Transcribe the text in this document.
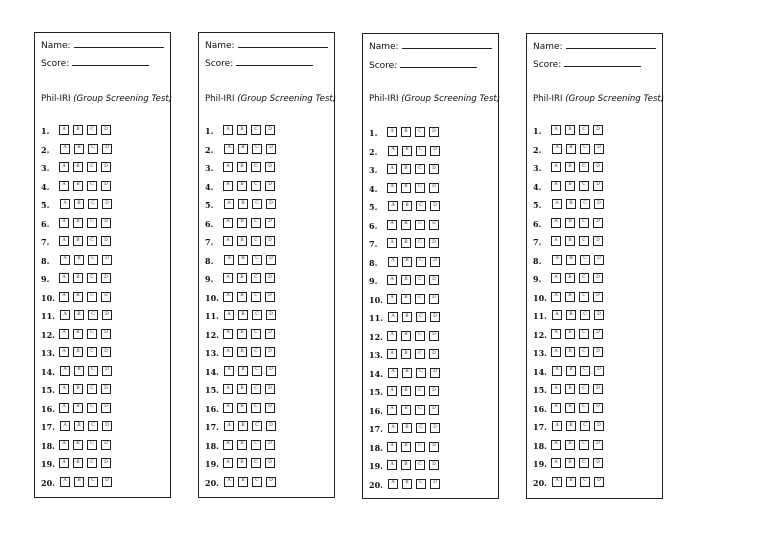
Name:
Score:
Phil-IRI (Group Screening Test)
1.	A	B	C	D
2.	A	B	C	D
3.	A	B	C	D
4.	A	B	C	D
5.	A	B	C	D
6.	A	B	C	D
7.	A	B	C	D
8.	A	B	C	D
9.	A	B	C	D
10.	A	B	C	D
11.	A	B	C	D
12.	A	B	C	D
13.	A	B	C	D
14.	A	B	C	D
15.	A	B	C	D
16.	A	B	C	D
17.	A	B	C	D
18.	A	B	C	D
19.	A	B	C	D
20.	A	B	C	D
Name:
Score:
Phil-IRI (Group Screening Test)
1.	A	B	C	D
2.	A	B	C	D
3.	A	B	C	D
4.	A	B	C	D
5.	A	B	C	D
6.	A	B	C	D
7.	A	B	C	D
8.	A	B	C	D
9.	A	B	C	D
10.	A	B	C	D
11.	A	B	C	D
12.	A	B	C	D
13.	A	B	C	D
14.	A	B	C	D
15.	A	B	C	D
16.	A	B	C	D
17.	A	B	C	D
18.	A	B	C	D
19.	A	B	C	D
20.	A	B	C	D
Name:
Score:
Phil-IRI (Group Screening Test)
1.	A	B	C	D
2.	A	B	C	D
3.	A	B	C	D
4.	A	B	C	D
5.	A	B	C	D
6.	A	B	C	D
7.	A	B	C	D
8.	A	B	C	D
9.	A	B	C	D
10.	A	B	C	D
11.	A	B	C	D
12.	A	B	C	D
13.	A	B	C	D
14.	A	B	C	D
15.	A	B	C	D
16.	A	B	C	D
17.	A	B	C	D
18.	A	B	C	D
19.	A	B	C	D
20.	A	B	C	D
Name:
Score:
Phil-IRI (Group Screening Test)
1.	A	B	C	D
2.	A	B	C	D
3.	A	B	C	D
4.	A	B	C	D
5.	A	B	C	D
6.	A	B	C	D
7.	A	B	C	D
8.	A	B	C	D
9.	A	B	C	D
10.	A	B	C	D
11.	A	B	C	D
12.	A	B	C	D
13.	A	B	C	D
14.	A	B	C	D
15.	A	B	C	D
16.	A	B	C	D
17.	A	B	C	D
18.	A	B	C	D
19.	A	B	C	D
20.	A	B	C	D
